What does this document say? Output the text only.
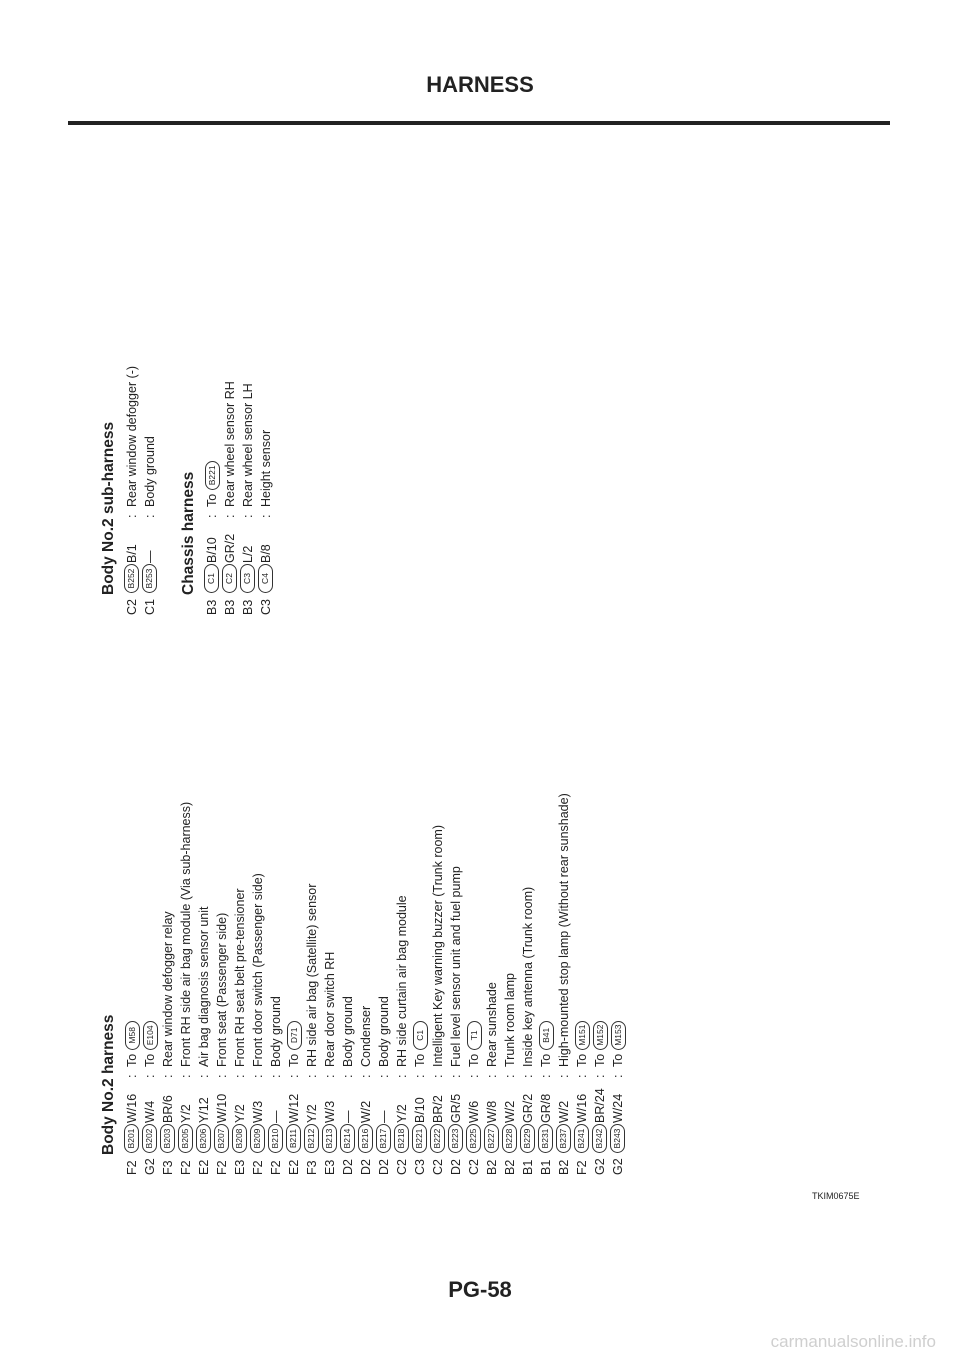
HARNESS
Body No.2 harness
F2
B201
W/16
:
ToM58
G2
B202
W/4
:
ToE104
F3
B203
BR/6
:
Rear window defogger relay
F2
B205
Y/2
:
Front RH side air bag module (Via sub-harness)
E2
B206
Y/12
:
Air bag diagnosis sensor unit
F2
B207
W/10
:
Front seat (Passenger side)
E3
B208
Y/2
:
Front RH seat belt pre-tensioner
F2
B209
W/3
:
Front door switch (Passenger side)
F2
B210
—
:
Body ground
E2
B211
W/12
:
ToD71
F3
B212
Y/2
:
RH side air bag (Satellite) sensor
E3
B213
W/3
:
Rear door switch RH
D2
B214
—
:
Body ground
D2
B216
W/2
:
Condenser
D2
B217
—
:
Body ground
C2
B218
Y/2
:
RH side curtain air bag module
C3
B221
B/10
:
ToC1
C2
B222
BR/2
:
Intelligent Key warning buzzer (Trunk room)
D2
B223
GR/5
:
Fuel level sensor unit and fuel pump
C2
B225
W/6
:
ToT1
B2
B227
W/8
:
Rear sunshade
B2
B228
W/2
:
Trunk room lamp
B1
B229
GR/2
:
Inside key antenna (Trunk room)
B1
B231
GR/8
:
ToB41
B2
B237
W/2
:
High-mounted stop lamp (Without rear sunshade)
F2
B241
W/16
:
ToM151
G2
B242
BR/24
:
ToM152
G2
B243
W/24
:
ToM153
Body No.2 sub-harness
C2
B252
B/1
:
Rear window defogger (-)
C1
B253
—
:
Body ground
Chassis harness
B3
C1
B/10
:
ToB221
B3
C2
GR/2
:
Rear wheel sensor RH
B3
C3
L/2
:
Rear wheel sensor LH
C3
C4
B/8
:
Height sensor
TKIM0675E
PG-58
carmanualsonline.info
